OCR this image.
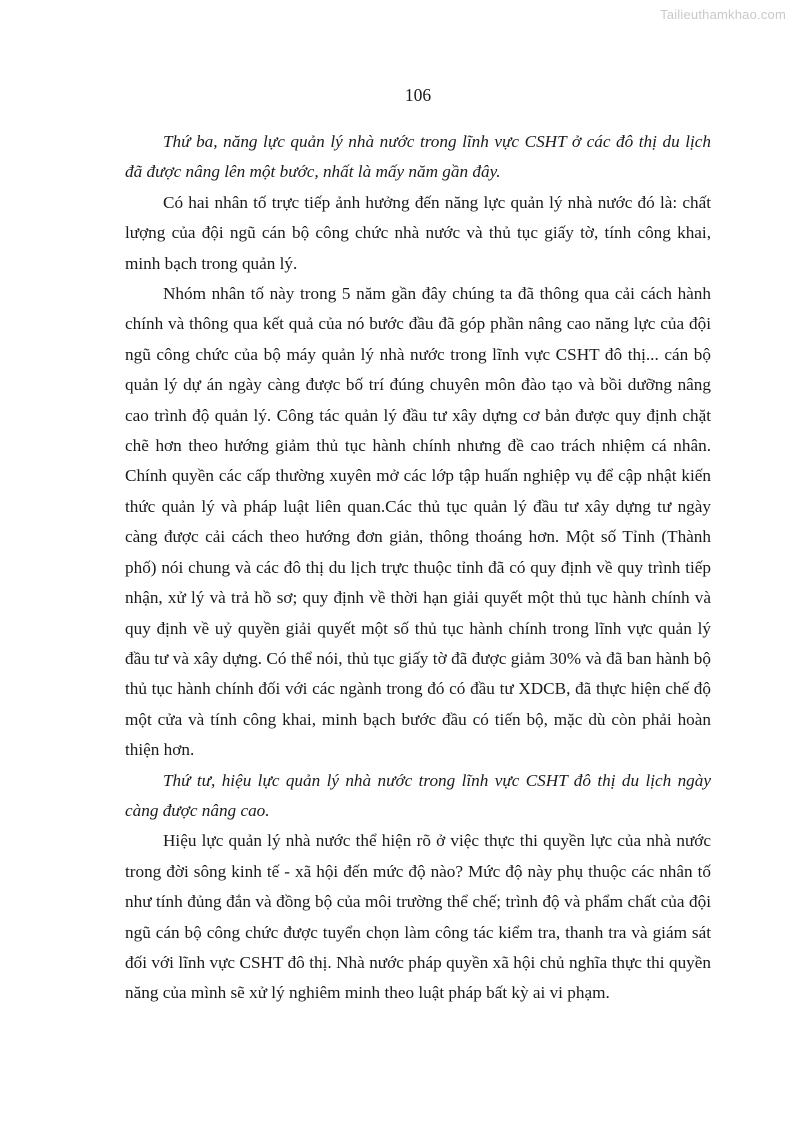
Tailieuthamkhao.com
106

Thứ ba, năng lực quản lý nhà nước trong lĩnh vực CSHT ở các đô thị du lịch đã được nâng lên một bước, nhất là mấy năm gần đây.

Có hai nhân tố trực tiếp ảnh hưởng đến năng lực quản lý nhà nước đó là: chất lượng của đội ngũ cán bộ công chức nhà nước và thủ tục giấy tờ, tính công khai, minh bạch trong quản lý.

Nhóm nhân tố này trong 5 năm gần đây chúng ta đã thông qua cải cách hành chính và thông qua kết quả của nó bước đầu đã góp phần nâng cao năng lực của đội ngũ công chức của bộ máy quản lý nhà nước trong lĩnh vực CSHT đô thị... cán bộ quản lý dự án ngày càng được bố trí đúng chuyên môn đào tạo và bồi dưỡng nâng cao trình độ quản lý. Công tác quản lý đầu tư xây dựng cơ bản được quy định chặt chẽ hơn theo hướng giảm thủ tục hành chính nhưng đề cao trách nhiệm cá nhân. Chính quyền các cấp thường xuyên mở các lớp tập huấn nghiệp vụ để cập nhật kiến thức quản lý và pháp luật liên quan.Các thủ tục quản lý đầu tư xây dựng tư ngày càng được cải cách theo hướng đơn giản, thông thoáng hơn. Một số Tỉnh (Thành phố) nói chung và các đô thị du lịch trực thuộc tỉnh đã có quy định về quy trình tiếp nhận, xử lý và trả hồ sơ; quy định về thời hạn giải quyết một thủ tục hành chính và quy định về uỷ quyền giải quyết một số thủ tục hành chính trong lĩnh vực quản lý đầu tư và xây dựng. Có thể nói, thủ tục giấy tờ đã được giảm 30% và đã ban hành bộ thủ tục hành chính đối với các ngành trong đó có đầu tư XDCB, đã thực hiện chế độ một cửa và tính công khai, minh bạch bước đầu có tiến bộ, mặc dù còn phải hoàn thiện hơn.

Thứ tư, hiệu lực quản lý nhà nước trong lĩnh vực CSHT đô thị du lịch ngày càng được nâng cao.

Hiệu lực quản lý nhà nước thể hiện rõ ở việc thực thi quyền lực của nhà nước trong đời sông kinh tế - xã hội đến mức độ nào? Mức độ này phụ thuộc các nhân tố như tính đủng đắn và đồng bộ của môi trường thể chế; trình độ và phẩm chất của đội ngũ cán bộ công chức được tuyển chọn làm công tác kiểm tra, thanh tra và giám sát đối với lĩnh vực CSHT đô thị. Nhà nước pháp quyền xã hội chủ nghĩa thực thi quyền năng của mình sẽ xử lý nghiêm minh theo luật pháp bất kỳ ai vi phạm.
